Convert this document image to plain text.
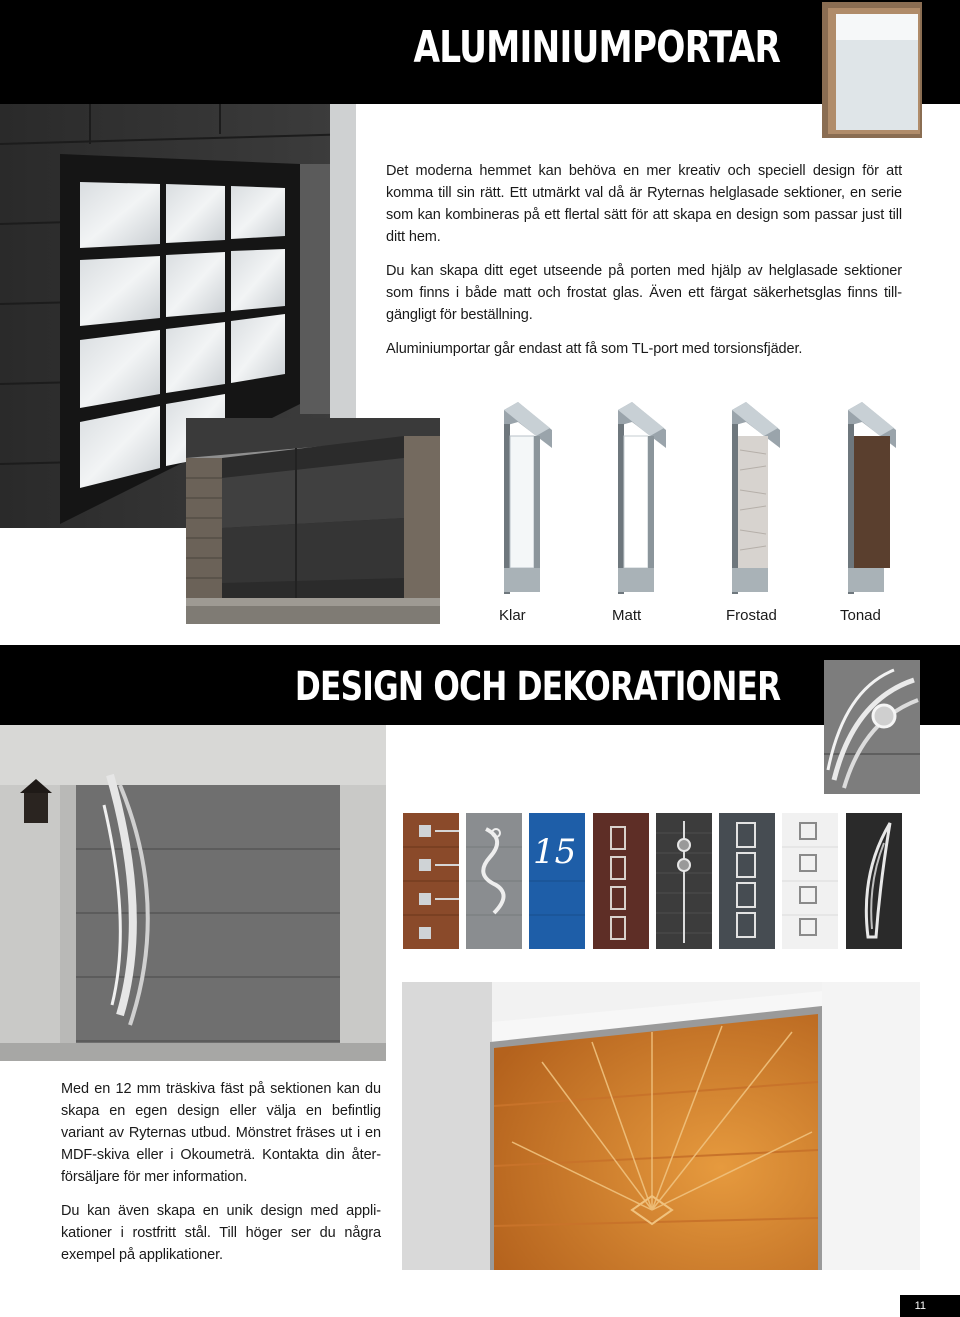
ALUMINIUMPORTAR

Det moderna hemmet kan behöva en mer kreativ och speciell design för att komma till sin rätt. Ett utmärkt val då är Ryternas helglasade sektioner, en serie som kan kombineras på ett flertal sätt för att skapa en design som passar just till ditt hem.

Du kan skapa ditt eget utseende på porten med hjälp av helglasade sektioner som finns i både matt och frostat glas. Även ett färgat säkerhetsglas finns till-gängligt för beställning.

Aluminiumportar går endast att få som TL-port med torsionsfjäder.

Klar	Matt	Frostad	Tonad
DESIGN OCH DEKORATIONER
15

Med en 12 mm träskiva fäst på sektionen kan du skapa en egen design eller välja en befintlig variant av Ryternas utbud. Mönstret fräses ut i en MDF-skiva eller i Okoumeträ. Kontakta din åter-försäljare för mer information.

Du kan även skapa en unik design med appli-kationer i rostfritt stål. Till höger ser du några exempel på applikationer.

11
